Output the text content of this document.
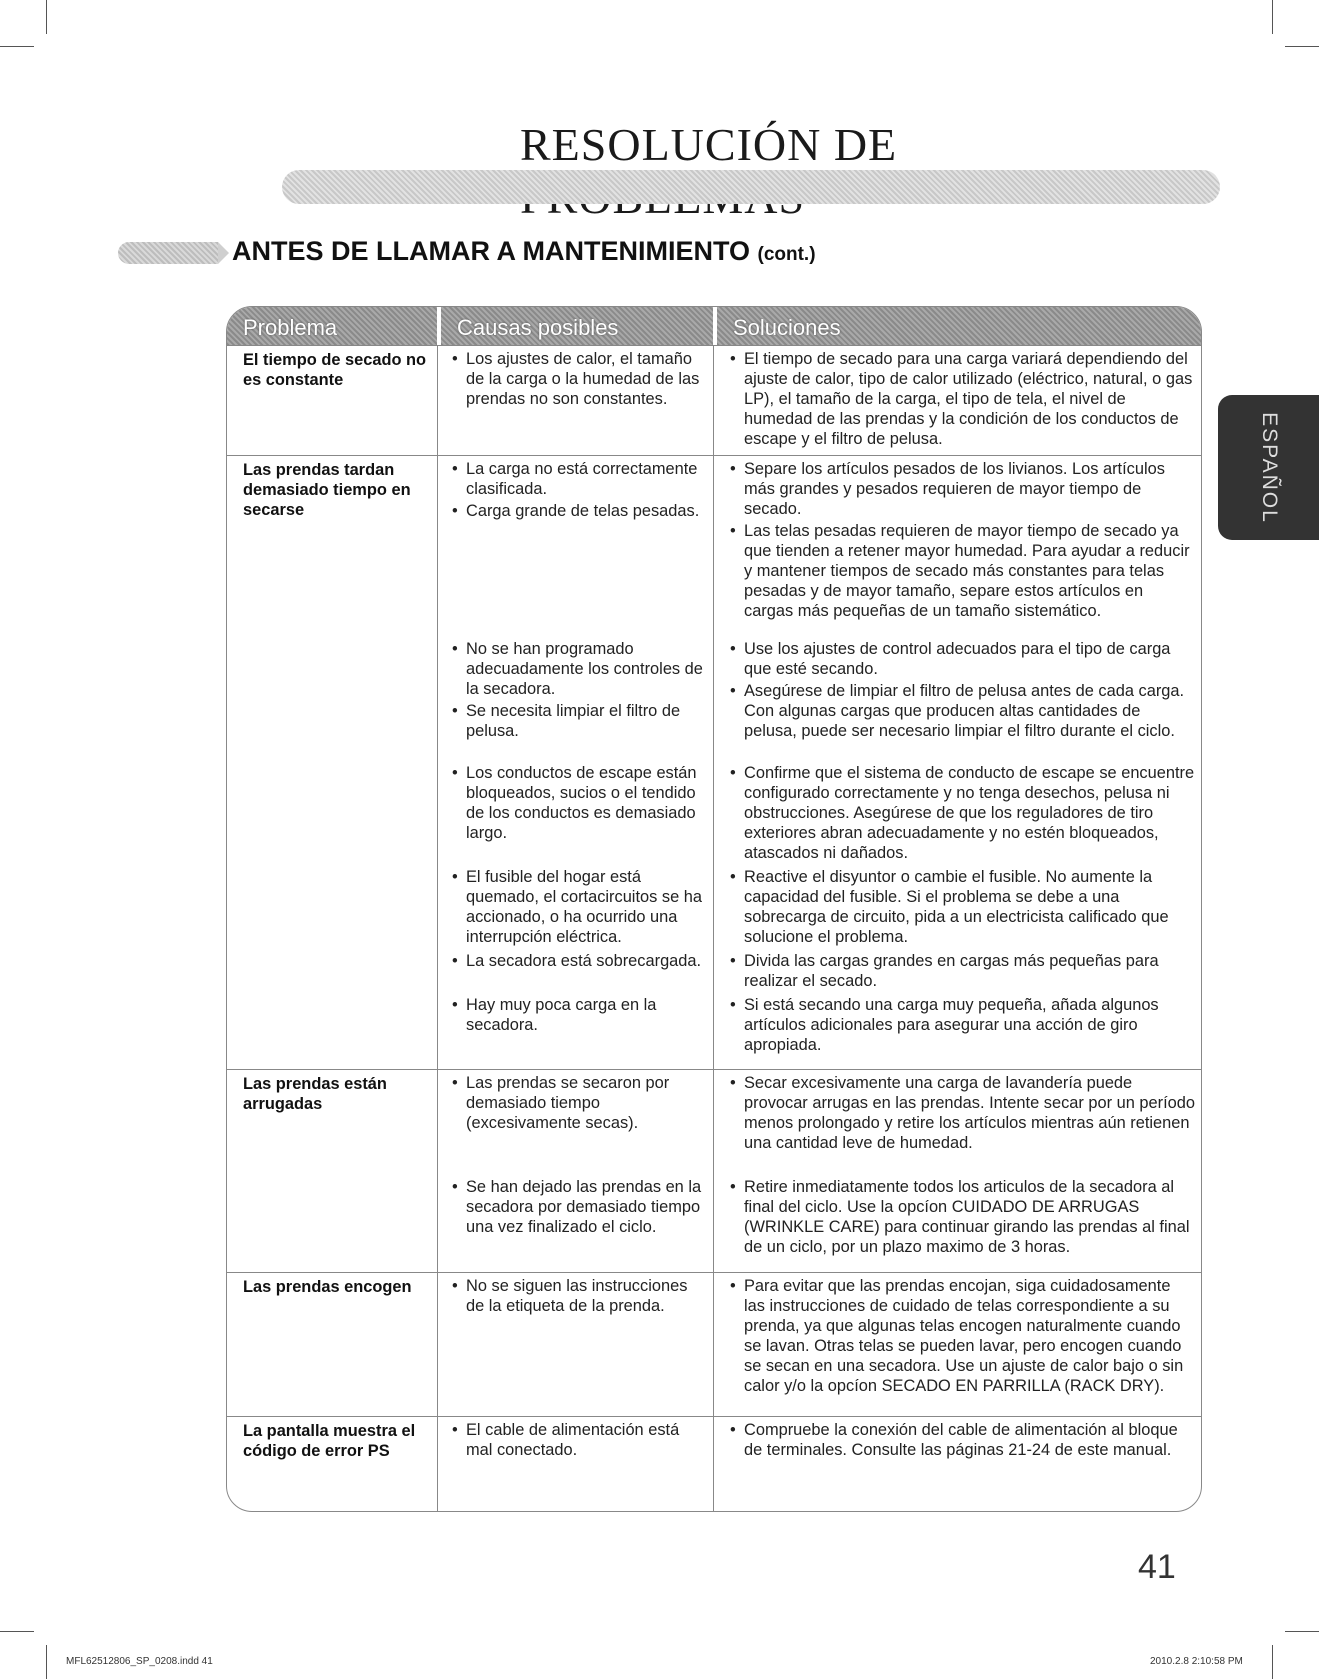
RESOLUCIÓN DE
ANTES DE LLAMAR A MANTENIMIENTO (cont.)
ESPAÑOL
Problema	Causas posibles	Soluciones
El tiempo de secado no es constante
• Los ajustes de calor, el tamaño de la carga o la humedad de las prendas no son constantes.
• El tiempo de secado para una carga variará dependiendo del ajuste de calor, tipo de calor utilizado (eléctrico, natural, o gas LP), el tamaño de la carga, el tipo de tela, el nivel de humedad de las prendas y la condición de los conductos de escape y el filtro de pelusa.
Las prendas tardan demasiado tiempo en secarse
• La carga no está correctamente clasificada.
• Carga grande de telas pesadas.
• No se han programado adecuadamente los controles de la secadora.
• Se necesita limpiar el filtro de pelusa.
• Los conductos de escape están bloqueados, sucios o el tendido de los conductos es demasiado largo.
• El fusible del hogar está quemado, el cortacircuitos se ha accionado, o ha ocurrido una interrupción eléctrica.
• La secadora está sobrecargada.
• Hay muy poca carga en la secadora.
• Separe los artículos pesados de los livianos. Los artículos más grandes y pesados requieren de mayor tiempo de secado.
• Las telas pesadas requieren de mayor tiempo de secado ya que tienden a retener mayor humedad. Para ayudar a reducir y mantener tiempos de secado más constantes para telas pesadas y de mayor tamaño, separe estos artículos en cargas más pequeñas de un tamaño sistemático.
• Use los ajustes de control adecuados para el tipo de carga que esté secando.
• Asegúrese de limpiar el filtro de pelusa antes de cada carga. Con algunas cargas que producen altas cantidades de pelusa, puede ser necesario limpiar el filtro durante el ciclo.
• Confirme que el sistema de conducto de escape se encuentre configurado correctamente y no tenga desechos, pelusa ni obstrucciones. Asegúrese de que los reguladores de tiro exteriores abran adecuadamente y no estén bloqueados, atascados ni dañados.
• Reactive el disyuntor o cambie el fusible. No aumente la capacidad del fusible. Si el problema se debe a una sobrecarga de circuito, pida a un electricista calificado que solucione el problema.
• Divida las cargas grandes en cargas más pequeñas para realizar el secado.
• Si está secando una carga muy pequeña, añada algunos artículos adicionales para asegurar una acción de giro apropiada.
Las prendas están arrugadas
• Las prendas se secaron por demasiado tiempo (excesivamente secas).
• Se han dejado las prendas en la secadora por demasiado tiempo una vez finalizado el ciclo.
• Secar excesivamente una carga de lavandería puede provocar arrugas en las prendas. Intente secar por un período menos prolongado y retire los artículos mientras aún retienen una cantidad leve de humedad.
• Retire inmediatamente todos los articulos de la secadora al final del ciclo. Use la opcíon CUIDADO DE ARRUGAS (WRINKLE CARE) para continuar girando las prendas al final de un ciclo, por un plazo maximo de 3 horas.
Las prendas encogen
•	No se siguen las instrucciones de la etiqueta de la prenda.
• Para evitar que las prendas encojan, siga cuidadosamente las instrucciones de cuidado de telas correspondiente a su prenda, ya que algunas telas encogen naturalmente cuando se lavan. Otras telas se pueden lavar, pero encogen cuando se secan en una secadora. Use un ajuste de calor bajo o sin calor y/o la opcíon SECADO EN PARRILLA (RACK DRY).
La pantalla muestra el código de error PS
• El cable de alimentación está mal conectado.
• Compruebe la conexión del cable de alimentación al bloque de terminales. Consulte las páginas 21-24 de este manual.
41
MFL62512806_SP_0208.indd 41	2010.2.8 2:10:58 PM
